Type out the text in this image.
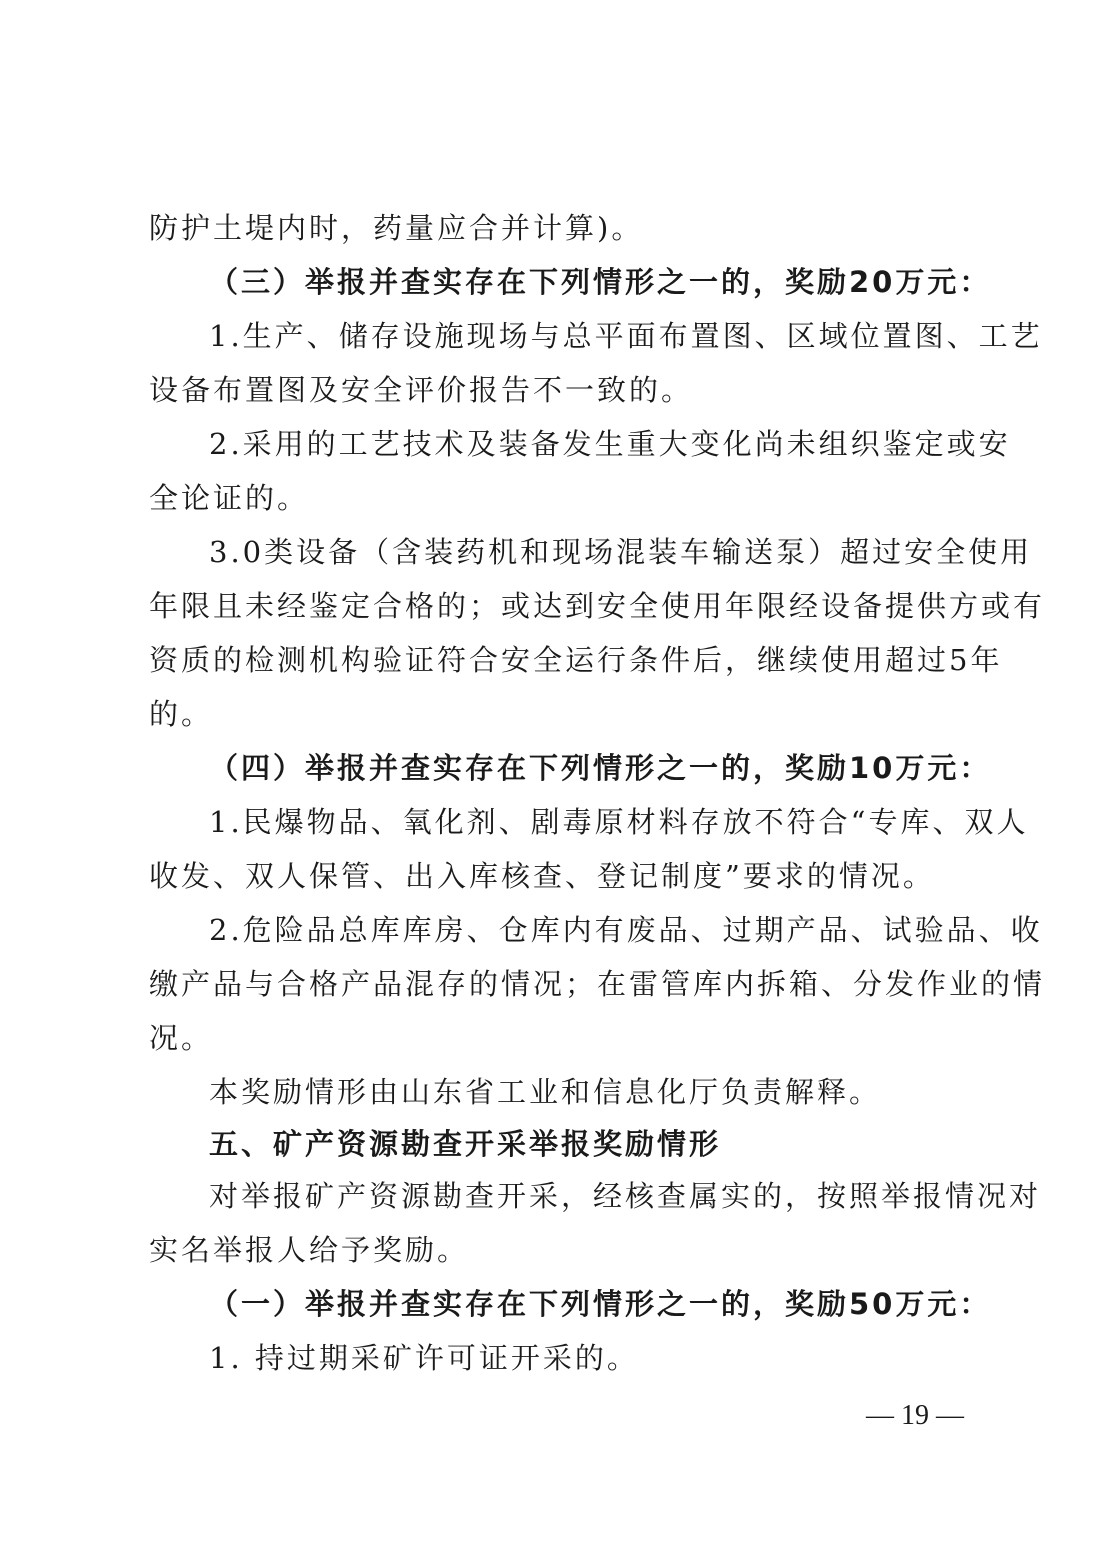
防护土堤内时，药量应合并计算)。
（三）举报并查实存在下列情形之一的，奖励20万元：
1.生产、储存设施现场与总平面布置图、区域位置图、工艺
设备布置图及安全评价报告不一致的。
2.采用的工艺技术及装备发生重大变化尚未组织鉴定或安
全论证的。
3.0类设备（含装药机和现场混装车输送泵）超过安全使用
年限且未经鉴定合格的；或达到安全使用年限经设备提供方或有
资质的检测机构验证符合安全运行条件后，继续使用超过5年
的。
（四）举报并查实存在下列情形之一的，奖励10万元：
1.民爆物品、氧化剂、剧毒原材料存放不符合“专库、双人
收发、双人保管、出入库核查、登记制度”要求的情况。
2.危险品总库库房、仓库内有废品、过期产品、试验品、收
缴产品与合格产品混存的情况；在雷管库内拆箱、分发作业的情
况。
本奖励情形由山东省工业和信息化厅负责解释。
五、矿产资源勘查开采举报奖励情形
对举报矿产资源勘查开采，经核查属实的，按照举报情况对
实名举报人给予奖励。
（一）举报并查实存在下列情形之一的，奖励50万元：
1. 持过期采矿许可证开采的。
— 19 —
